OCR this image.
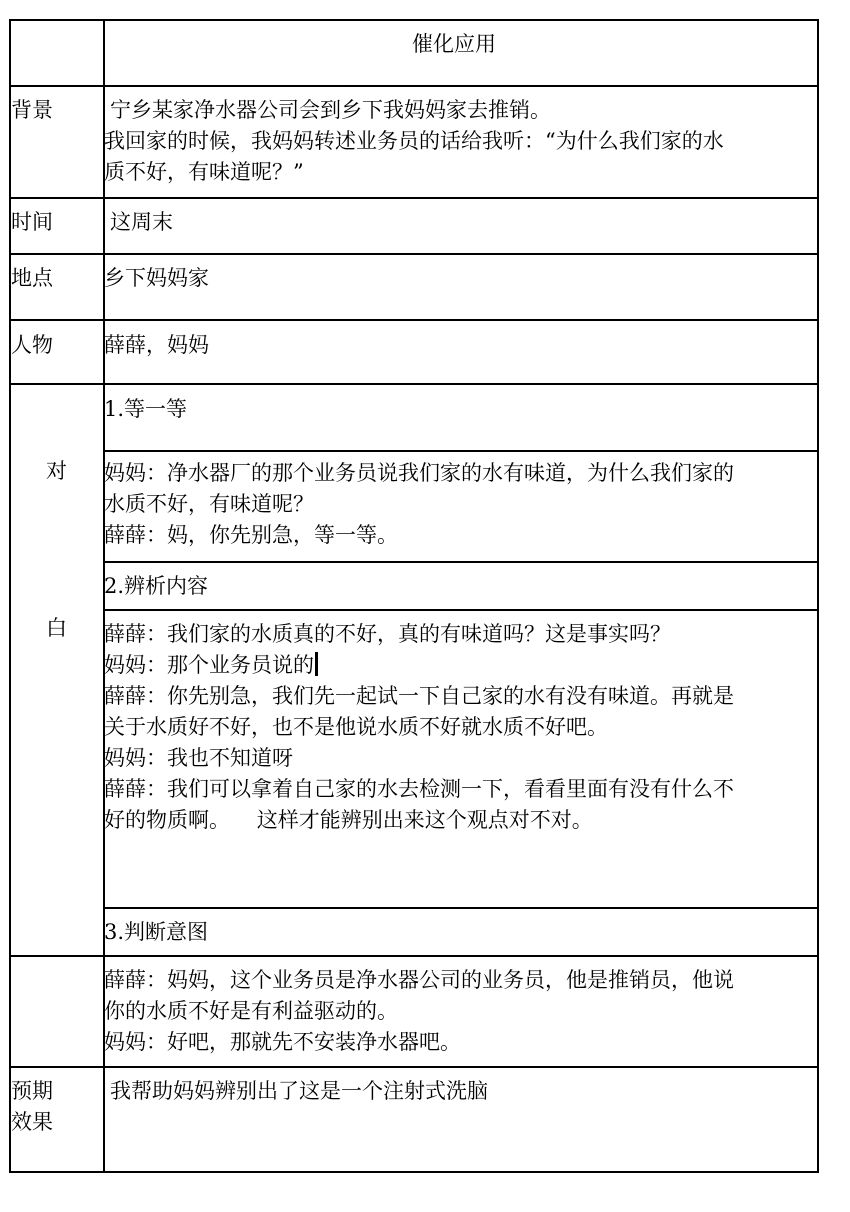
催化应用
背景	宁乡某家净水器公司会到乡下我妈妈家去推销。
我回家的时候，我妈妈转述业务员的话给我听：“为什么我们家的水
质不好，有味道呢？”
时间	这周末
地点 乡下妈妈家
人物 薛薛，妈妈
对
白
1.等一等
妈妈：净水器厂的那个业务员说我们家的水有味道，为什么我们家的
水质不好，有味道呢？
薛薛：妈，你先别急，等一等。
2.辨析内容
薛薛：我们家的水质真的不好，真的有味道吗？这是事实吗？
妈妈：那个业务员说的
薛薛：你先别急，我们先一起试一下自己家的水有没有味道。再就是
关于水质好不好，也不是他说水质不好就水质不好吧。
妈妈：我也不知道呀
薛薛：我们可以拿着自己家的水去检测一下，看看里面有没有什么不
好的物质啊。    这样才能辨别出来这个观点对不对。
3.判断意图
薛薛：妈妈，这个业务员是净水器公司的业务员，他是推销员，他说
你的水质不好是有利益驱动的。
妈妈：好吧，那就先不安装净水器吧。
预期
效果
我帮助妈妈辨别出了这是一个注射式洗脑
